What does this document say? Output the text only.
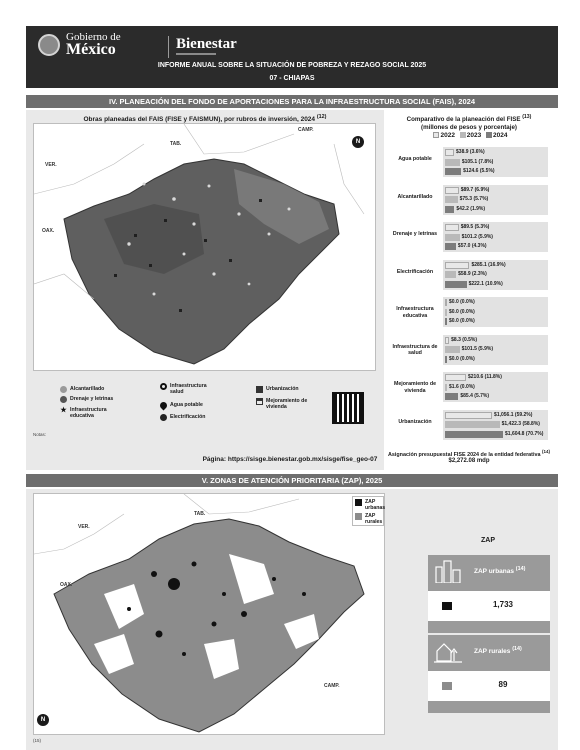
Gobierno de
México	Bienestar
INFORME ANUAL SOBRE LA SITUACIÓN DE POBREZA Y REZAGO SOCIAL 2025
07 - CHIAPAS
IV. PLANEACIÓN DEL FONDO DE APORTACIONES PARA LA INFRAESTRUCTURA SOCIAL (FAIS), 2024
Obras planeadas del FAIS (FISE y FAISMUN), por rubros de inversión, 2024 $^{(12)}$
VER.
TAB.
CAMP.
OAX.
N
Alcantarillado	Infraestructura salud	Urbanización
Drenaje y letrinas
Agua potable
Mejoramiento de vivienda
★ Infraestructura educativa	Electrificación
Notas:
Página: https://sisge.bienestar.gob.mx/sisge/fise_geo-07
Comparativo de la planeación del FISE $^{(13)}$
(millones de pesos y porcentaje)
2022 2023 2024
Agua potable
$38.9 (3.6%)
$105.1 (7.8%)
$124.6 (5.5%)
Alcantarillado
$89.7 (6.9%)
$75.3 (5.7%)
$42.2 (1.9%)
Drenaje y letrinas
$89.5 (5.3%)
$101.2 (5.9%)
$57.0 (4.3%)
Electrificación
$285.1 (16.9%)
$58.9 (2.3%)
$222.1 (10.9%)
Infraestructura educativa
$0.0 (0.0%)
$0.0 (0.0%)
$0.0 (0.0%)
Infraestructura de salud
$8.3 (0.5%)
$101.5 (5.9%)
$0.0 (0.0%)
Mejoramiento de vivienda
$210.6 (11.8%)
$1.6 (0.0%)
$85.4 (5.7%)
Urbanización
$1,056.1 (59.2%)
$1,422.3 (58.8%)
$1,604.8 (70.7%)
Asignación presupuestal FISE 2024 de la entidad federativa $^{(14)}$
$2,272.08 mdp
V. ZONAS DE ATENCIÓN PRIORITARIA (ZAP), 2025
VER.
TAB.
CAMP.
OAX.
N
ZAP urbanas
ZAP rurales
(15)
ZAP
ZAP urbanas $^{(14)}$
1,733
ZAP rurales $^{(14)}$
89
